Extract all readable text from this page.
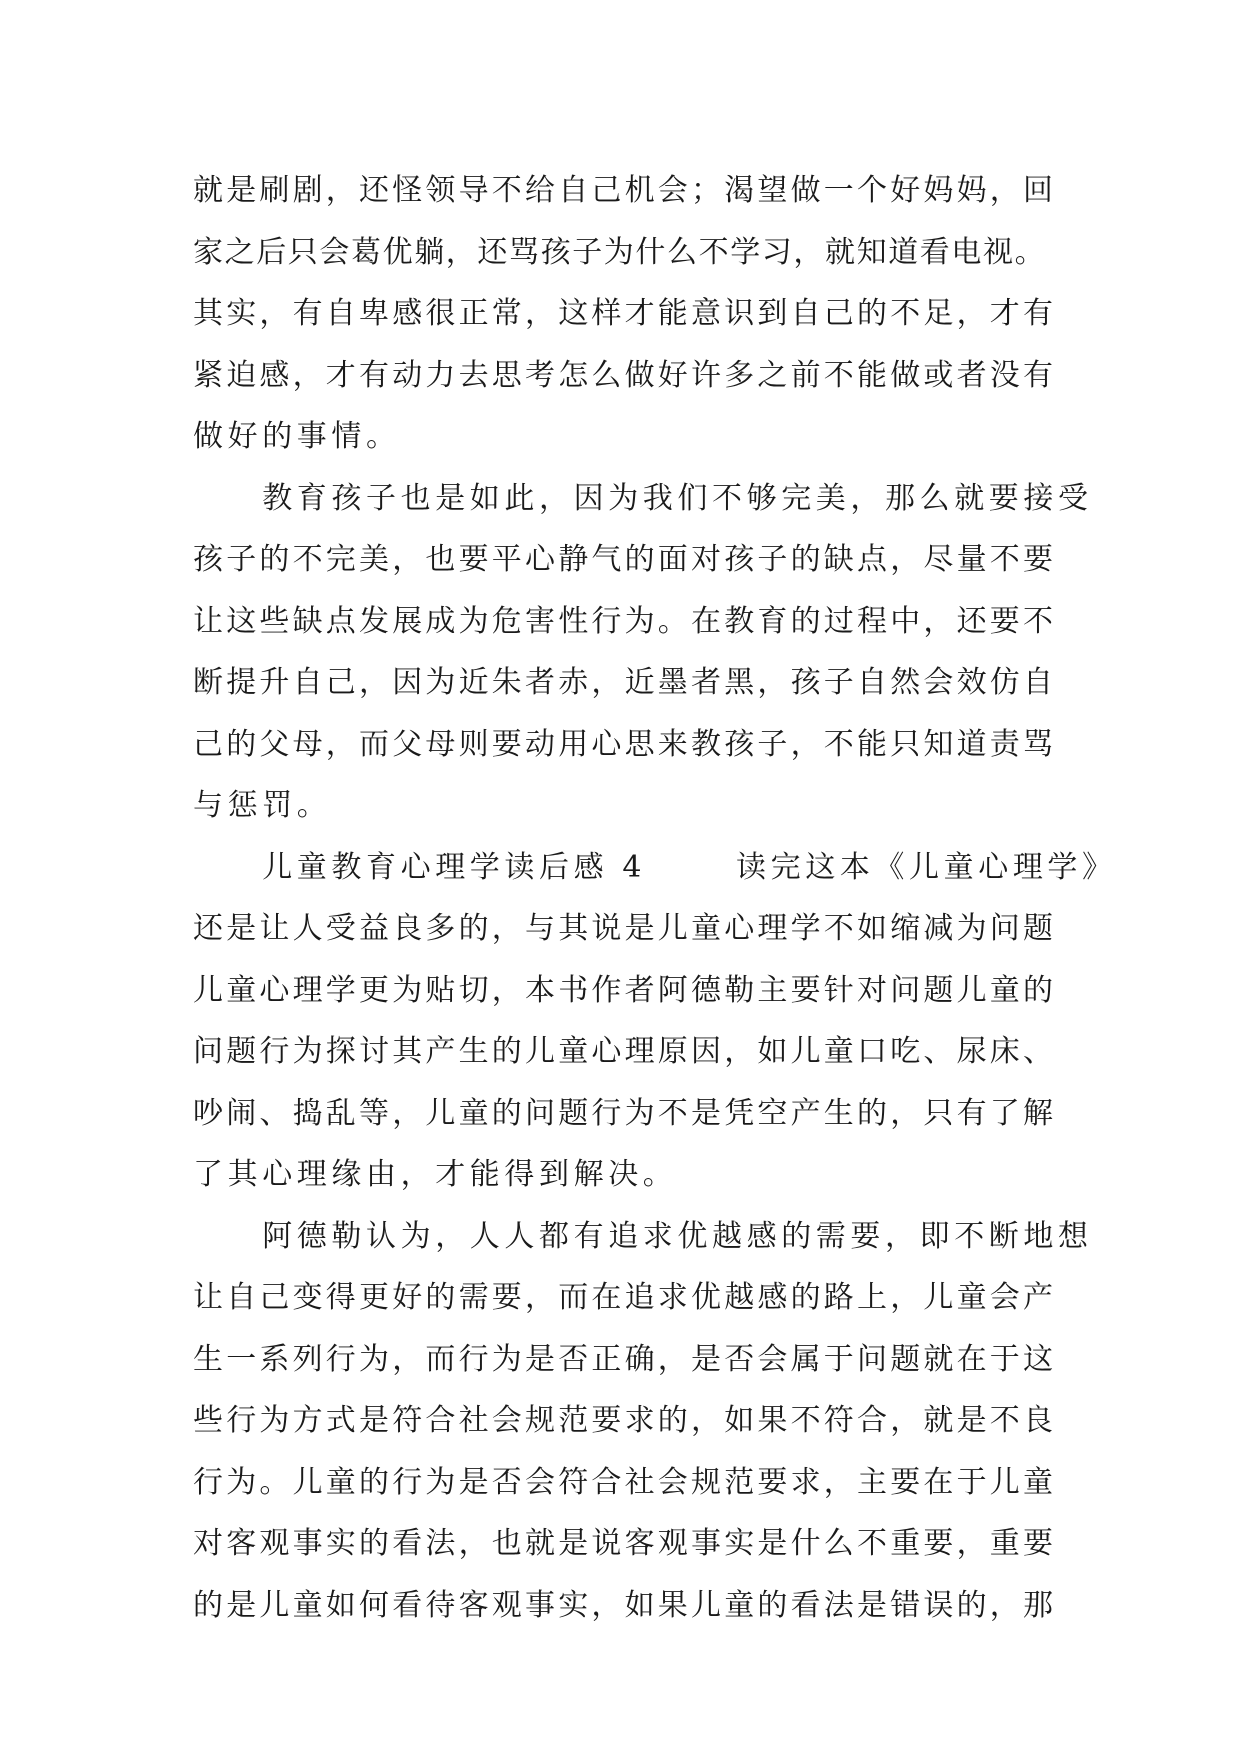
就是刷剧，还怪领导不给自己机会；渴望做一个好妈妈，回
家之后只会葛优躺，还骂孩子为什么不学习，就知道看电视。
其实，有自卑感很正常，这样才能意识到自己的不足，才有
紧迫感，才有动力去思考怎么做好许多之前不能做或者没有
做好的事情。
　　教育孩子也是如此，因为我们不够完美，那么就要接受
孩子的不完美，也要平心静气的面对孩子的缺点，尽量不要
让这些缺点发展成为危害性行为。在教育的过程中，还要不
断提升自己，因为近朱者赤，近墨者黑，孩子自然会效仿自
己的父母，而父母则要动用心思来教孩子，不能只知道责骂
与惩罚。
　　儿童教育心理学读后感 4	读完这本《儿童心理学》
还是让人受益良多的，与其说是儿童心理学不如缩减为问题
儿童心理学更为贴切，本书作者阿德勒主要针对问题儿童的
问题行为探讨其产生的儿童心理原因，如儿童口吃、尿床、
吵闹、捣乱等，儿童的问题行为不是凭空产生的，只有了解
了其心理缘由，才能得到解决。
　　阿德勒认为，人人都有追求优越感的需要，即不断地想
让自己变得更好的需要，而在追求优越感的路上，儿童会产
生一系列行为，而行为是否正确，是否会属于问题就在于这
些行为方式是符合社会规范要求的，如果不符合，就是不良
行为。儿童的行为是否会符合社会规范要求，主要在于儿童
对客观事实的看法，也就是说客观事实是什么不重要，重要
的是儿童如何看待客观事实，如果儿童的看法是错误的，那
